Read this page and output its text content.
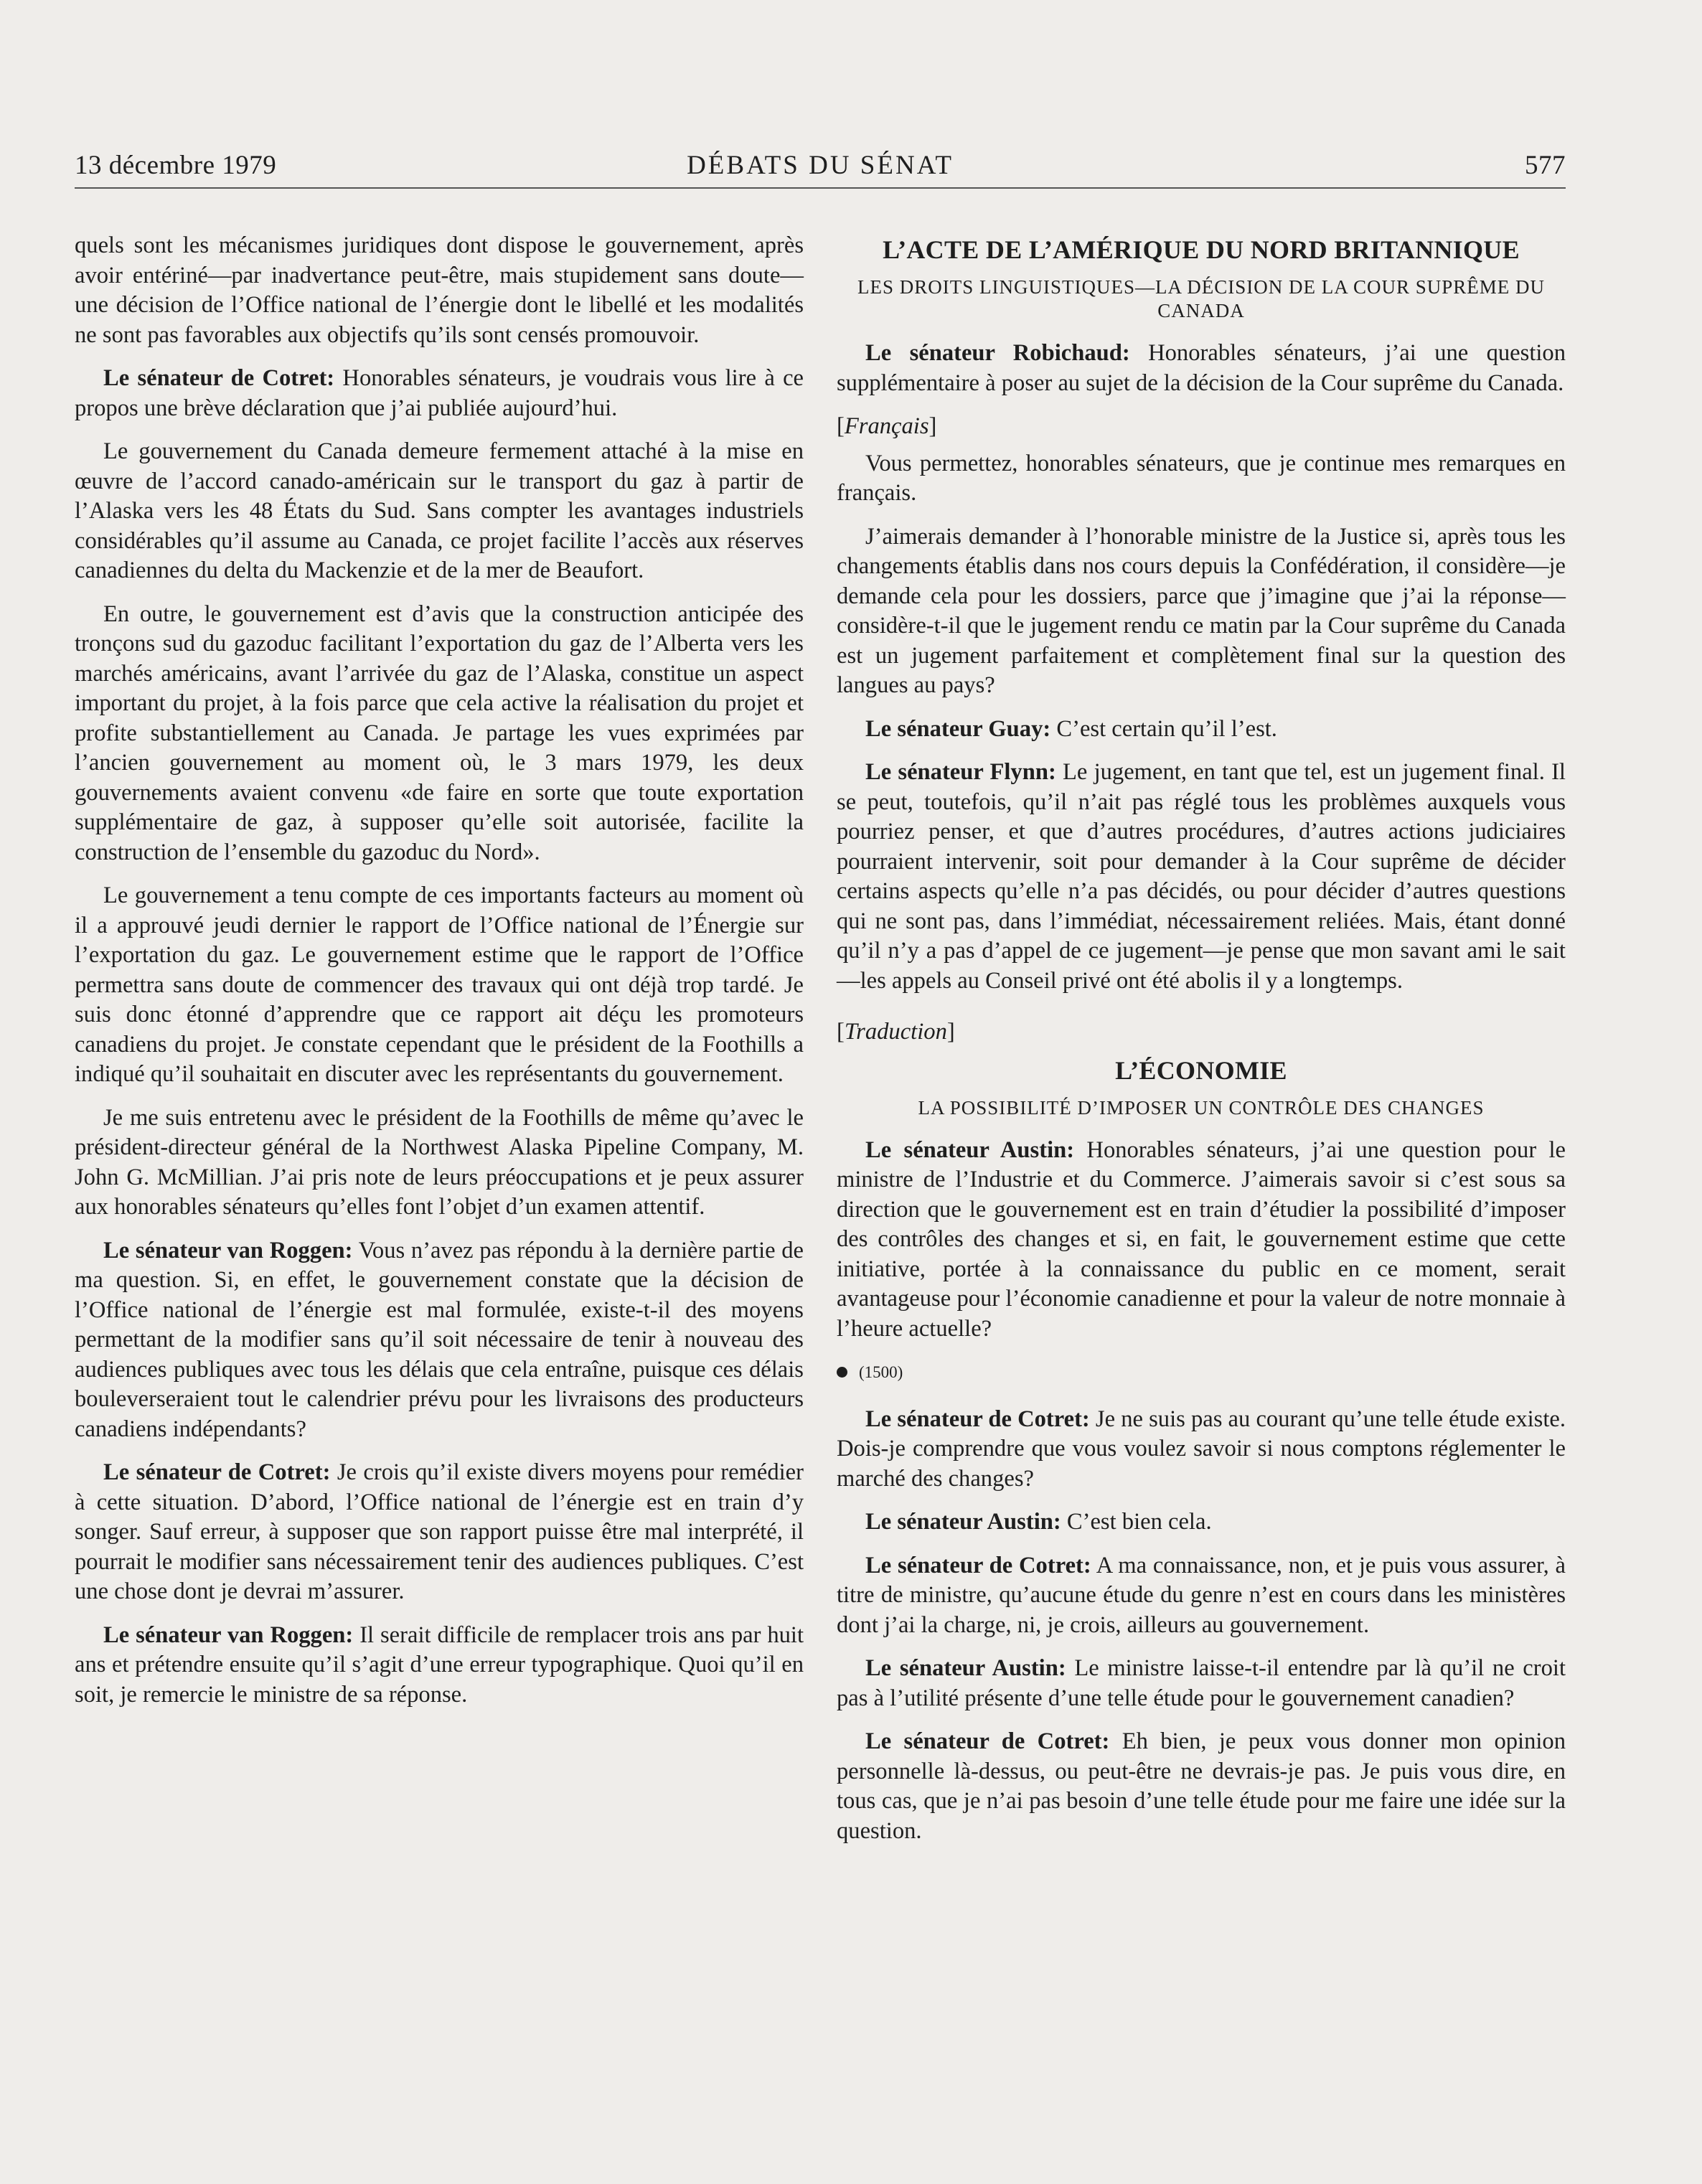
13 décembre 1979	DÉBATS DU SÉNAT	577

quels sont les mécanismes juridiques dont dispose le gouvernement, après avoir entériné—par inadvertance peut-être, mais stupidement sans doute—une décision de l’Office national de l’énergie dont le libellé et les modalités ne sont pas favorables aux objectifs qu’ils sont censés promouvoir.

Le sénateur de Cotret: Honorables sénateurs, je voudrais vous lire à ce propos une brève déclaration que j’ai publiée aujourd’hui.

Le gouvernement du Canada demeure fermement attaché à la mise en œuvre de l’accord canado-américain sur le transport du gaz à partir de l’Alaska vers les 48 États du Sud. Sans compter les avantages industriels considérables qu’il assume au Canada, ce projet facilite l’accès aux réserves canadiennes du delta du Mackenzie et de la mer de Beaufort.

En outre, le gouvernement est d’avis que la construction anticipée des tronçons sud du gazoduc facilitant l’exportation du gaz de l’Alberta vers les marchés américains, avant l’arrivée du gaz de l’Alaska, constitue un aspect important du projet, à la fois parce que cela active la réalisation du projet et profite substantiellement au Canada. Je partage les vues exprimées par l’ancien gouvernement au moment où, le 3 mars 1979, les deux gouvernements avaient convenu «de faire en sorte que toute exportation supplémentaire de gaz, à supposer qu’elle soit autorisée, facilite la construction de l’ensemble du gazoduc du Nord».

Le gouvernement a tenu compte de ces importants facteurs au moment où il a approuvé jeudi dernier le rapport de l’Office national de l’Énergie sur l’exportation du gaz. Le gouvernement estime que le rapport de l’Office permettra sans doute de commencer des travaux qui ont déjà trop tardé. Je suis donc étonné d’apprendre que ce rapport ait déçu les promoteurs canadiens du projet. Je constate cependant que le président de la Foothills a indiqué qu’il souhaitait en discuter avec les représentants du gouvernement.

Je me suis entretenu avec le président de la Foothills de même qu’avec le président-directeur général de la Northwest Alaska Pipeline Company, M. John G. McMillian. J’ai pris note de leurs préoccupations et je peux assurer aux honorables sénateurs qu’elles font l’objet d’un examen attentif.

Le sénateur van Roggen: Vous n’avez pas répondu à la dernière partie de ma question. Si, en effet, le gouvernement constate que la décision de l’Office national de l’énergie est mal formulée, existe-t-il des moyens permettant de la modifier sans qu’il soit nécessaire de tenir à nouveau des audiences publiques avec tous les délais que cela entraîne, puisque ces délais bouleverseraient tout le calendrier prévu pour les livraisons des producteurs canadiens indépendants?

Le sénateur de Cotret: Je crois qu’il existe divers moyens pour remédier à cette situation. D’abord, l’Office national de l’énergie est en train d’y songer. Sauf erreur, à supposer que son rapport puisse être mal interprété, il pourrait le modifier sans nécessairement tenir des audiences publiques. C’est une chose dont je devrai m’assurer.

Le sénateur van Roggen: Il serait difficile de remplacer trois ans par huit ans et prétendre ensuite qu’il s’agit d’une erreur typographique. Quoi qu’il en soit, je remercie le ministre de sa réponse.

L’ACTE DE L’AMÉRIQUE DU NORD BRITANNIQUE
LES DROITS LINGUISTIQUES—LA DÉCISION DE LA COUR SUPRÊME DU CANADA

Le sénateur Robichaud: Honorables sénateurs, j’ai une question supplémentaire à poser au sujet de la décision de la Cour suprême du Canada.

[Français]

Vous permettez, honorables sénateurs, que je continue mes remarques en français.

J’aimerais demander à l’honorable ministre de la Justice si, après tous les changements établis dans nos cours depuis la Confédération, il considère—je demande cela pour les dossiers, parce que j’imagine que j’ai la réponse—considère-t-il que le jugement rendu ce matin par la Cour suprême du Canada est un jugement parfaitement et complètement final sur la question des langues au pays?

Le sénateur Guay: C’est certain qu’il l’est.

Le sénateur Flynn: Le jugement, en tant que tel, est un jugement final. Il se peut, toutefois, qu’il n’ait pas réglé tous les problèmes auxquels vous pourriez penser, et que d’autres procédures, d’autres actions judiciaires pourraient intervenir, soit pour demander à la Cour suprême de décider certains aspects qu’elle n’a pas décidés, ou pour décider d’autres questions qui ne sont pas, dans l’immédiat, nécessairement reliées. Mais, étant donné qu’il n’y a pas d’appel de ce jugement—je pense que mon savant ami le sait—les appels au Conseil privé ont été abolis il y a longtemps.

[Traduction]
L’ÉCONOMIE
LA POSSIBILITÉ D’IMPOSER UN CONTRÔLE DES CHANGES

Le sénateur Austin: Honorables sénateurs, j’ai une question pour le ministre de l’Industrie et du Commerce. J’aimerais savoir si c’est sous sa direction que le gouvernement est en train d’étudier la possibilité d’imposer des contrôles des changes et si, en fait, le gouvernement estime que cette initiative, portée à la connaissance du public en ce moment, serait avantageuse pour l’économie canadienne et pour la valeur de notre monnaie à l’heure actuelle?

(1500)

Le sénateur de Cotret: Je ne suis pas au courant qu’une telle étude existe. Dois-je comprendre que vous voulez savoir si nous comptons réglementer le marché des changes?

Le sénateur Austin: C’est bien cela.

Le sénateur de Cotret: A ma connaissance, non, et je puis vous assurer, à titre de ministre, qu’aucune étude du genre n’est en cours dans les ministères dont j’ai la charge, ni, je crois, ailleurs au gouvernement.

Le sénateur Austin: Le ministre laisse-t-il entendre par là qu’il ne croit pas à l’utilité présente d’une telle étude pour le gouvernement canadien?

Le sénateur de Cotret: Eh bien, je peux vous donner mon opinion personnelle là-dessus, ou peut-être ne devrais-je pas. Je puis vous dire, en tous cas, que je n’ai pas besoin d’une telle étude pour me faire une idée sur la question.
